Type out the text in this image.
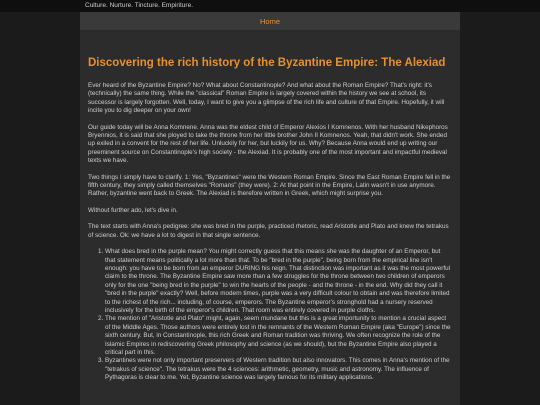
Culture. Nurture. Tincture. Empiriture.
Home
Discovering the rich history of the Byzantine Empire: The Alexiad

Ever heard of the Byzantine Empire? No? What about Constantinople? And what about the Roman Empire? That's right: it's (technically) the same thing. While the "classical" Roman Empire is largely covered within the history we see at school, its successor is largely forgotten. Well, today, I want to give you a glimpse of the rich life and culture of that Empire. Hopefully, it will incite you to dig deeper on your own!

Our guide today will be Anna Komnene. Anna was the eldest child of Emperor Alexios I Komnenos. With her husband Nikephoros Bryennios, it is said that she ployed to take the throne from her little brother John II Komnenos. Yeah, that didn't work. She ended up exiled in a convent for the rest of her life. Unluckily for her, but luckily for us. Why? Because Anna would end up writing our preeminent source on Constantinople's high society - the Alexiad. It is probably one of the most important and impactful medieval texts we have.

Two things I simply have to clarify. 1: Yes, "Byzantines" were the Western Roman Empire. Since the East Roman Empire fell in the fifth century, they simply called themselves "Romans" (they were). 2: At that point in the Empire, Latin wasn't in use anymore. Rather, byzantine went back to Greek. The Alexiad is therefore written in Greek, which might surprise you.

Without further ado, let's dive in.

The text starts with Anna's pedigree: she was bred in the purple, practiced rhetoric, read Aristotle and Plato and knew the tetrakus of science. Ok: we have a lot to digest in that single sentence.

1. What does bred in the purple mean? You might correctly guess that this means she was the daughter of an Emperor, but that statement means politically a lot more than that. To be "bred in the purple", being born from the empirical line isn't enough: you have to be born from an emperor DURING his reign. That distinction was important as it was the most powerful claim to the throne. The Byzantine Empire saw more than a few struggles for the throne between two children of emperors only for the one "being bred in the purple" to win the hearts of the people - and the throne - in the end. Why did they call it "bred in the purple" exactly? Well, before modern times, purple was a very difficult colour to obtain and was therefore limited to the richest of the rich... including, of course, emperors. The Byzantine emperor's stronghold had a nursery reserved inclusively for the birth of the emperor's children. That room was entirely covered in purple cloths.
2. The mention of "Aristotle and Plato" might, again, seem mundane but this is a great importunity to mention a crucial aspect of the Middle Ages. Those authors were entirely lost in the remnants of the Western Roman Empire (aka "Europe") since the sixth century. But, in Constantinople, this rich Greek and Roman tradition was thriving. We often recognize the role of the Islamic Empires in rediscovering Greek philosophy and science (as we should), but the Byzantine Empire also played a critical part in this.
3. Byzantines were not only important preservers of Western tradition but also innovators. This comes in Anna's mention of the "tetrakus of science". The tetrakus were the 4 sciences: arithmetic, geometry, music and astronomy. The influence of Pythagoras is clear to me. Yet, Byzantine science was largely famous for its military applications.
